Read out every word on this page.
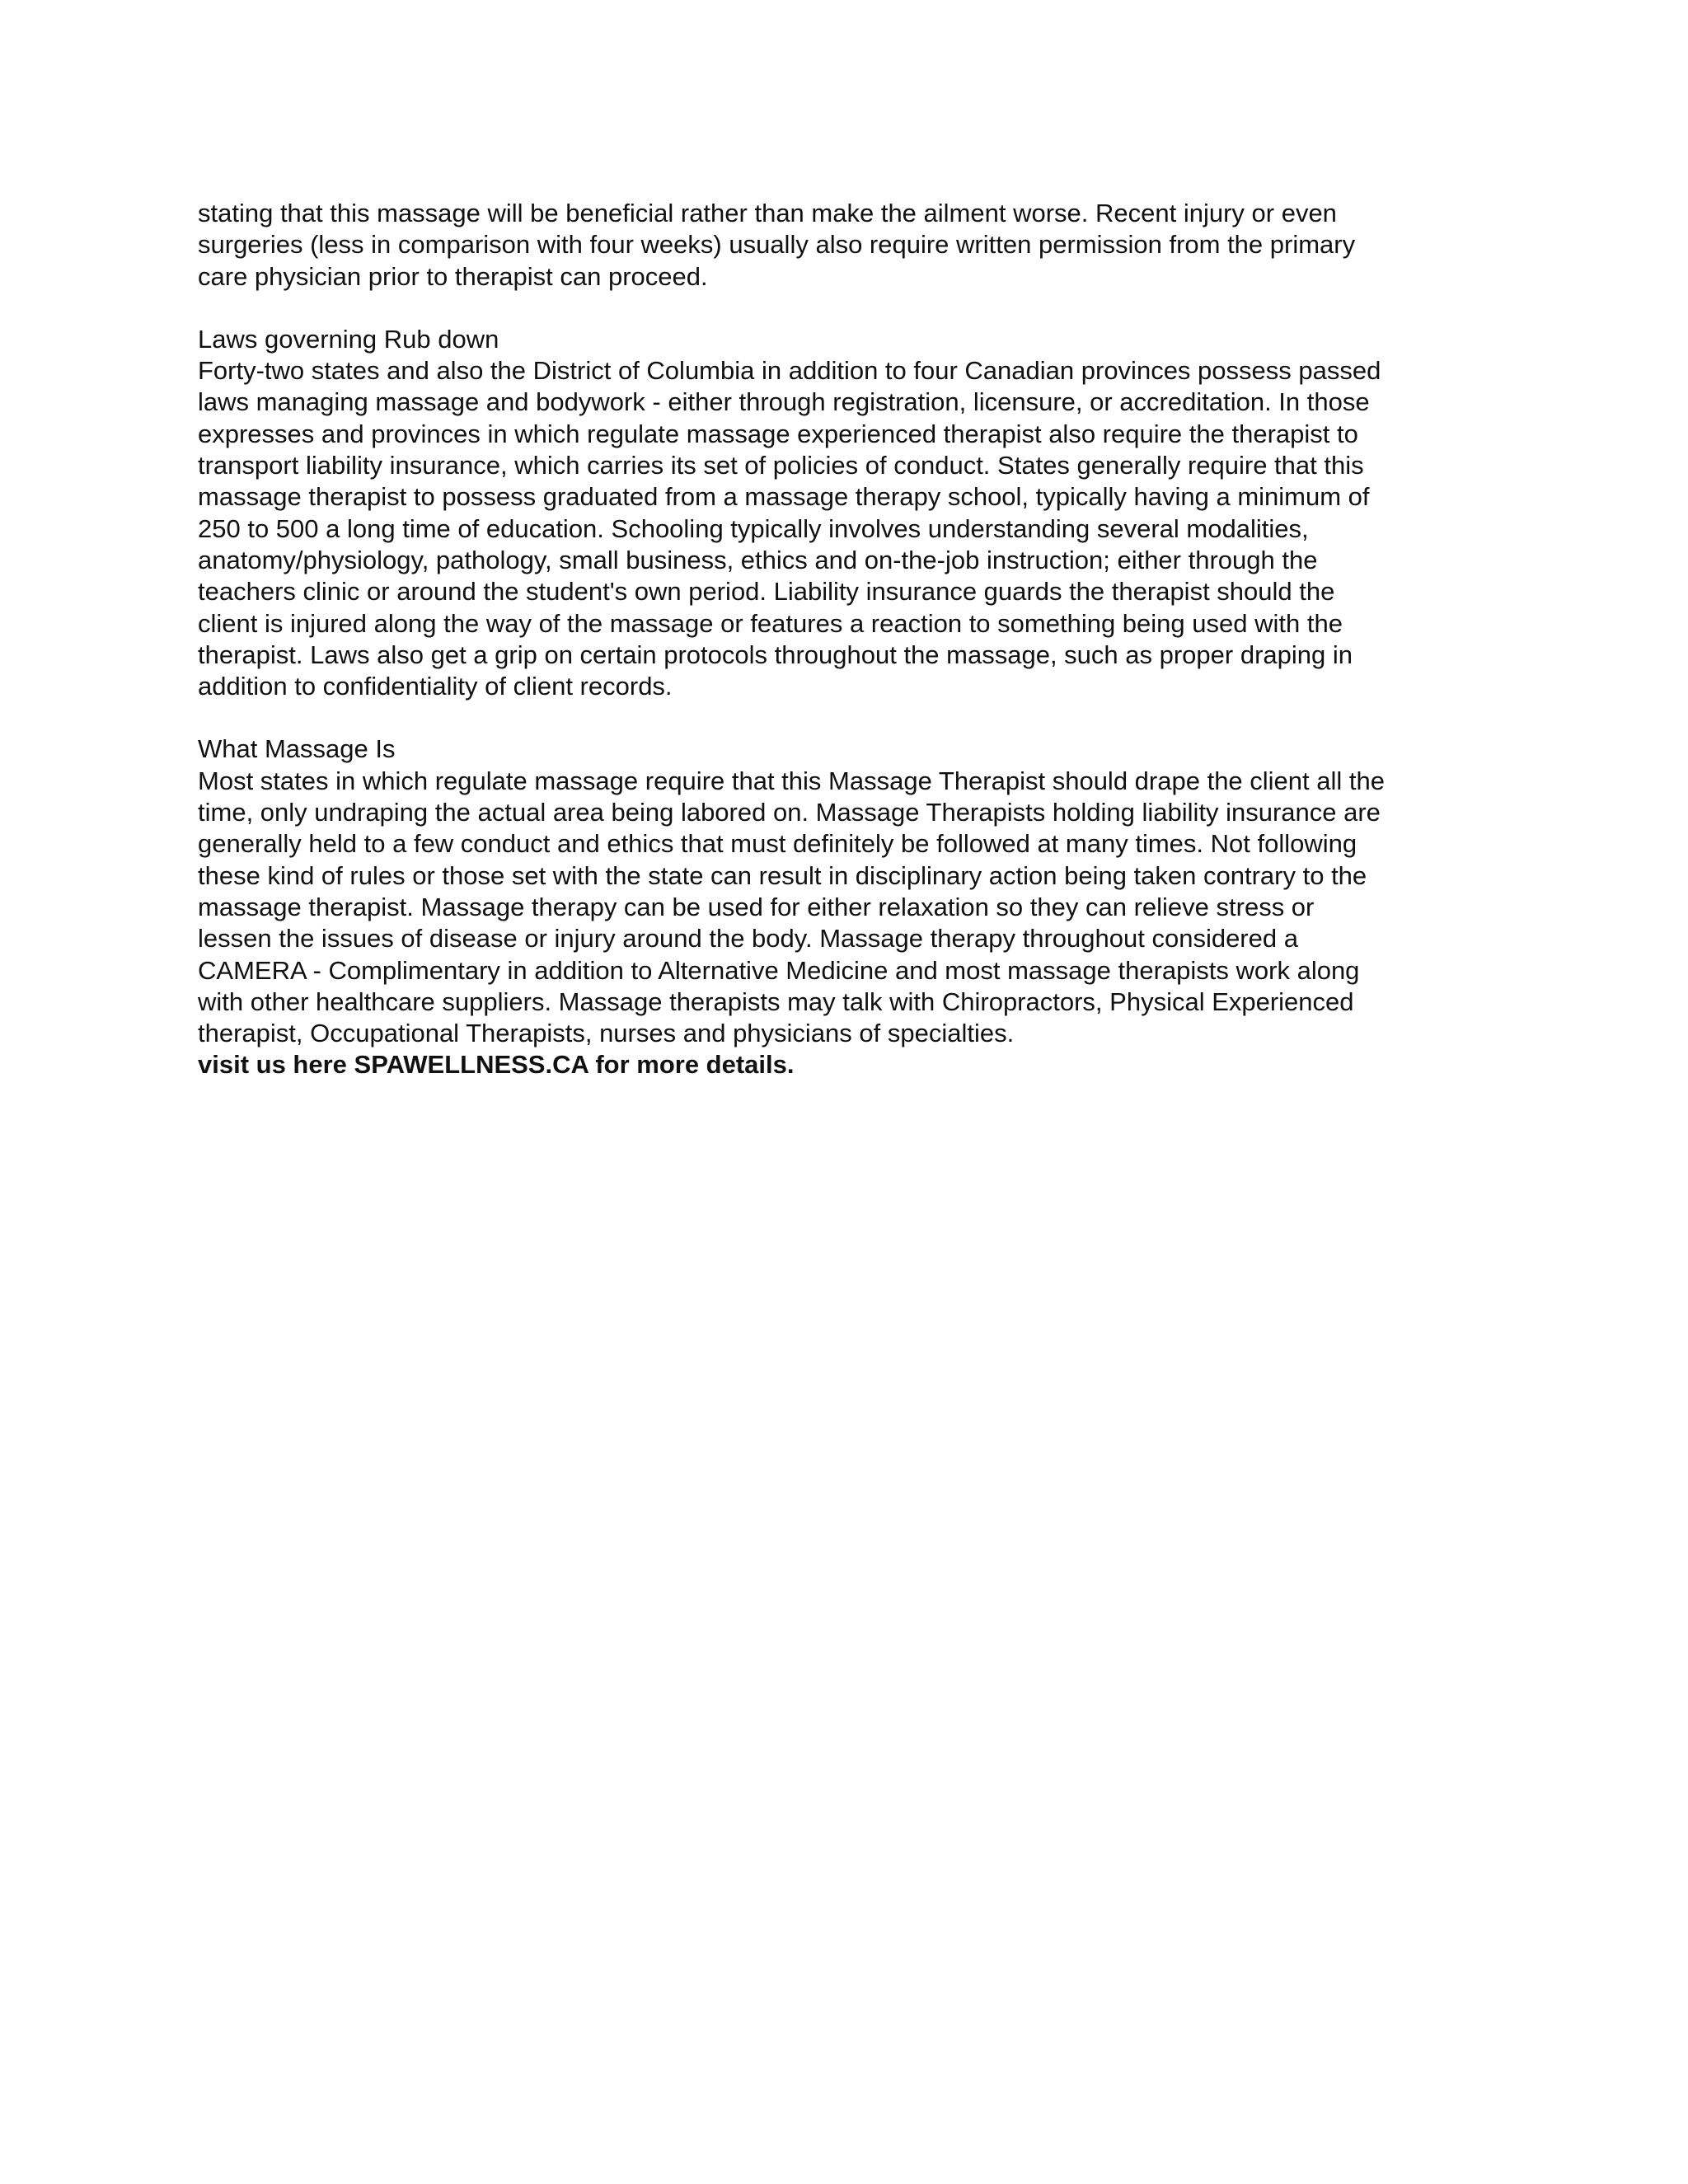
stating that this massage will be beneficial rather than make the ailment worse. Recent injury or even
surgeries (less in comparison with four weeks) usually also require written permission from the primary
care physician prior to therapist can proceed.

Laws governing Rub down
Forty-two states and also the District of Columbia in addition to four Canadian provinces possess passed
laws managing massage and bodywork - either through registration, licensure, or accreditation. In those
expresses and provinces in which regulate massage experienced therapist also require the therapist to
transport liability insurance, which carries its set of policies of conduct. States generally require that this
massage therapist to possess graduated from a massage therapy school, typically having a minimum of
250 to 500 a long time of education. Schooling typically involves understanding several modalities,
anatomy/physiology, pathology, small business, ethics and on-the-job instruction; either through the
teachers clinic or around the student's own period. Liability insurance guards the therapist should the
client is injured along the way of the massage or features a reaction to something being used with the
therapist. Laws also get a grip on certain protocols throughout the massage, such as proper draping in
addition to confidentiality of client records.

What Massage Is
Most states in which regulate massage require that this Massage Therapist should drape the client all the
time, only undraping the actual area being labored on. Massage Therapists holding liability insurance are
generally held to a few conduct and ethics that must definitely be followed at many times. Not following
these kind of rules or those set with the state can result in disciplinary action being taken contrary to the
massage therapist. Massage therapy can be used for either relaxation so they can relieve stress or
lessen the issues of disease or injury around the body. Massage therapy throughout considered a
CAMERA - Complimentary in addition to Alternative Medicine and most massage therapists work along
with other healthcare suppliers. Massage therapists may talk with Chiropractors, Physical Experienced
therapist, Occupational Therapists, nurses and physicians of specialties.
visit us here SPAWELLNESS.CA for more details.
